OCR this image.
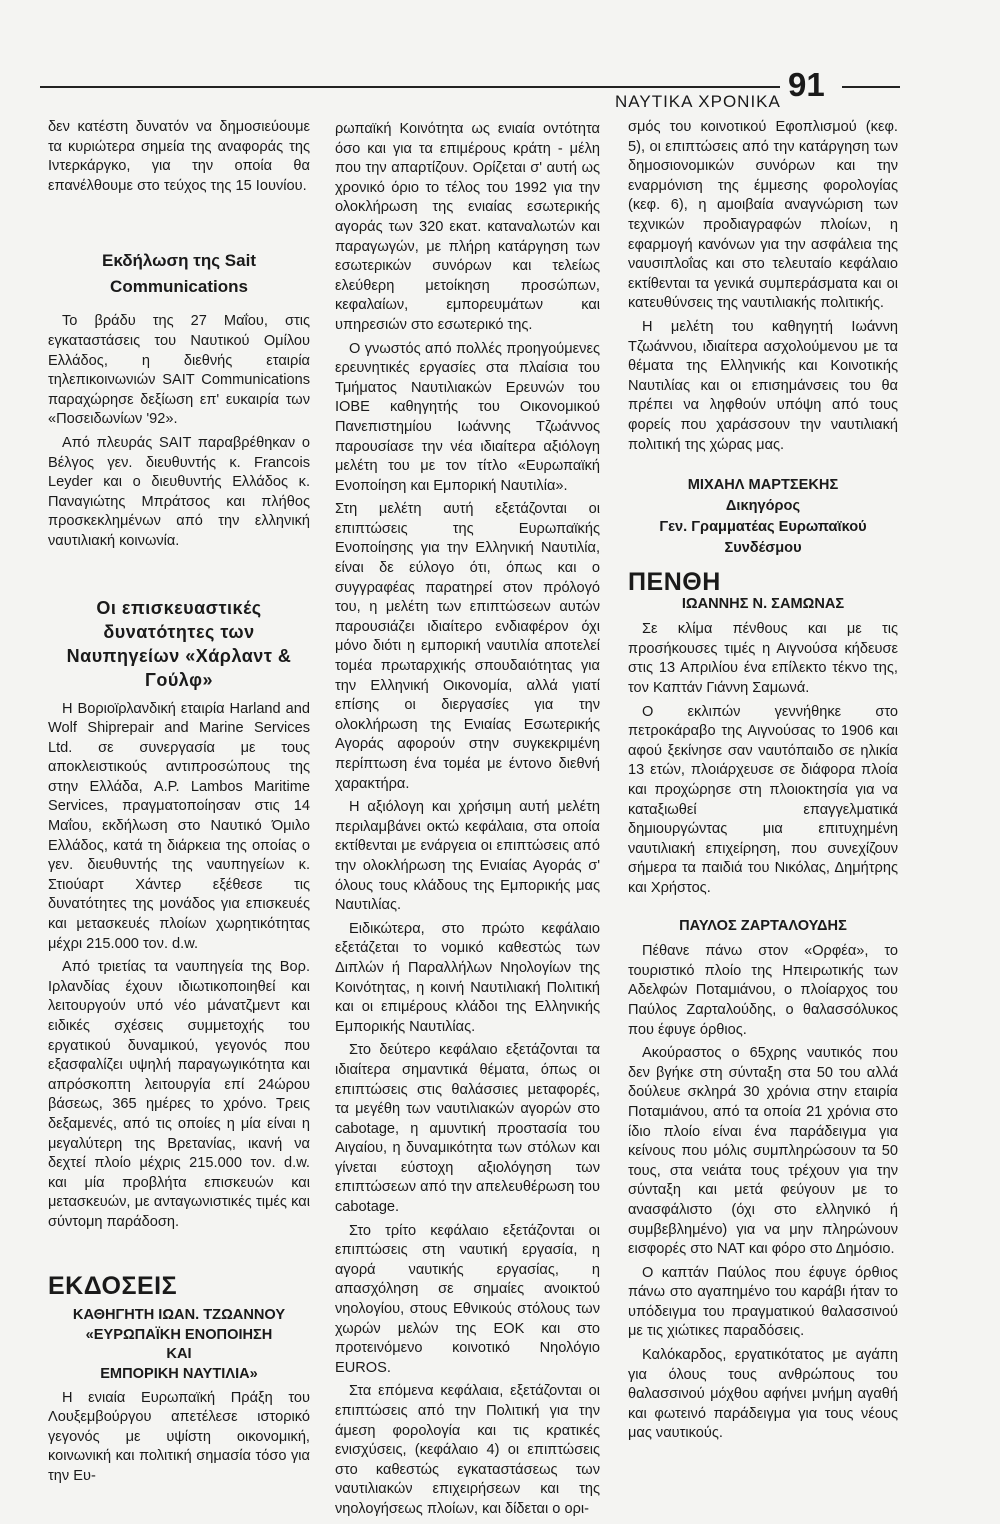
91
ΝΑΥΤΙΚΑ ΧΡΟΝΙΚΑ

δεν κατέστη δυνατόν να δημοσιεύουμε τα κυριώτερα σημεία της αναφοράς της Ιντερκάργκο, για την οποία θα επανέλθουμε στο τεύχος της 15 Ιουνίου.

Εκδήλωση της Sait Communications

Το βράδυ της 27 Μαΐου, στις εγκαταστάσεις του Ναυτικού Ομίλου Ελλάδος, η διεθνής εταιρία τηλεπικοινωνιών SAIT Communications παραχώρησε δεξίωση επ' ευκαιρία των «Ποσειδωνίων '92».

Από πλευράς SAIT παραβρέθηκαν ο Βέλγος γεν. διευθυντής κ. Francois Leyder και ο διευθυντής Ελλάδος κ. Παναγιώτης Μπράτσος και πλήθος προσκεκλημένων από την ελληνική ναυτιλιακή κοινωνία.

Οι επισκευαστικές δυνατότητες των Ναυπηγείων «Χάρλαντ & Γούλφ»

Η Βοριοϊρλανδική εταιρία Harland and Wolf Shiprepair and Marine Services Ltd. σε συνεργασία με τους αποκλειστικούς αντιπροσώπους της στην Ελλάδα, A.P. Lambos Maritime Services, πραγματοποίησαν στις 14 Μαΐου, εκδήλωση στο Ναυτικό Όμιλο Ελλάδος, κατά τη διάρκεια της οποίας ο γεν. διευθυντής της ναυπηγείων κ. Στιούαρτ Χάντερ εξέθεσε τις δυνατότητες της μονάδος για επισκευές και μετασκευές πλοίων χωρητικότητας μέχρι 215.000 τον. d.w.

Από τριετίας τα ναυπηγεία της Βορ. Ιρλανδίας έχουν ιδιωτικοποιηθεί και λειτουργούν υπό νέο μάνατζμεντ και ειδικές σχέσεις συμμετοχής του εργατικού δυναμικού, γεγονός που εξασφαλίζει υψηλή παραγωγικότητα και απρόσκοπτη λειτουργία επί 24ώρου βάσεως, 365 ημέρες το χρόνο. Τρεις δεξαμενές, από τις οποίες η μία είναι η μεγαλύτερη της Βρετανίας, ικανή να δεχτεί πλοίο μέχρις 215.000 τον. d.w. και μία προβλήτα επισκευών και μετασκευών, με ανταγωνιστικές τιμές και σύντομη παράδοση.

ΕΚΔΟΣΕΙΣ
ΚΑΘΗΓΗΤΗ ΙΩΑΝ. ΤΖΩΑΝΝΟΥ
«ΕΥΡΩΠΑΪΚΗ ΕΝΟΠΟΙΗΣΗ
ΚΑΙ
ΕΜΠΟΡΙΚΗ ΝΑΥΤΙΛΙΑ»

Η ενιαία Ευρωπαϊκή Πράξη του Λουξεμβούργου απετέλεσε ιστορικό γεγονός με υψίστη οικονομική, κοινωνική και πολιτική σημασία τόσο για την Ευ-

ρωπαϊκή Κοινότητα ως ενιαία οντότητα όσο και για τα επιμέρους κράτη - μέλη που την απαρτίζουν. Ορίζεται σ' αυτή ως χρονικό όριο το τέλος του 1992 για την ολοκλήρωση της ενιαίας εσωτερικής αγοράς των 320 εκατ. καταναλωτών και παραγωγών, με πλήρη κατάργηση των εσωτερικών συνόρων και τελείως ελεύθερη μετοίκηση προσώπων, κεφαλαίων, εμπορευμάτων και υπηρεσιών στο εσωτερικό της.

Ο γνωστός από πολλές προηγούμενες ερευνητικές εργασίες στα πλαίσια του Τμήματος Ναυτιλιακών Ερευνών του ΙΟΒΕ καθηγητής του Οικονομικού Πανεπιστημίου Ιωάννης Τζωάννος παρουσίασε την νέα ιδιαίτερα αξιόλογη μελέτη του με τον τίτλο «Ευρωπαϊκή Ενοποίηση και Εμπορική Ναυτιλία».

Στη μελέτη αυτή εξετάζονται οι επιπτώσεις της Ευρωπαϊκής Ενοποίησης για την Ελληνική Ναυτιλία, είναι δε εύλογο ότι, όπως και ο συγγραφέας παρατηρεί στον πρόλογό του, η μελέτη των επιπτώσεων αυτών παρουσιάζει ιδιαίτερο ενδιαφέρον όχι μόνο διότι η εμπορική ναυτιλία αποτελεί τομέα πρωταρχικής σπουδαιότητας για την Ελληνική Οικονομία, αλλά γιατί επίσης οι διεργασίες για την ολοκλήρωση της Ενιαίας Εσωτερικής Αγοράς αφορούν στην συγκεκριμένη περίπτωση ένα τομέα με έντονο διεθνή χαρακτήρα.

Η αξιόλογη και χρήσιμη αυτή μελέτη περιλαμβάνει οκτώ κεφάλαια, στα οποία εκτίθενται με ενάργεια οι επιπτώσεις από την ολοκλήρωση της Ενιαίας Αγοράς σ' όλους τους κλάδους της Εμπορικής μας Ναυτιλίας.

Ειδικώτερα, στο πρώτο κεφάλαιο εξετάζεται το νομικό καθεστώς των Διπλών ή Παραλλήλων Νηολογίων της Κοινότητας, η κοινή Ναυτιλιακή Πολιτική και οι επιμέρους κλάδοι της Ελληνικής Εμπορικής Ναυτιλίας.

Στο δεύτερο κεφάλαιο εξετάζονται τα ιδιαίτερα σημαντικά θέματα, όπως οι επιπτώσεις στις θαλάσσιες μεταφορές, τα μεγέθη των ναυτιλιακών αγορών στο cabotage, η αμυντική προστασία του Αιγαίου, η δυναμικότητα των στόλων και γίνεται εύστοχη αξιολόγηση των επιπτώσεων από την απελευθέρωση του cabotage.

Στο τρίτο κεφάλαιο εξετάζονται οι επιπτώσεις στη ναυτική εργασία, η αγορά ναυτικής εργασίας, η απασχόληση σε σημαίες ανοικτού νηολογίου, στους Εθνικούς στόλους των χωρών μελών της ΕΟΚ και στο προτεινόμενο κοινοτικό Νηολόγιο EUROS.

Στα επόμενα κεφάλαια, εξετάζονται οι επιπτώσεις από την Πολιτική για την άμεση φορολογία και τις κρατικές ενισχύσεις, (κεφάλαιο 4) οι επιπτώσεις στο καθεστώς εγκαταστάσεως των ναυτιλιακών επιχειρήσεων και της νηολογήσεως πλοίων, και δίδεται ο ορι-

σμός του κοινοτικού Εφοπλισμού (κεφ. 5), οι επιπτώσεις από την κατάργηση των δημοσιονομικών συνόρων και την εναρμόνιση της έμμεσης φορολογίας (κεφ. 6), η αμοιβαία αναγνώριση των τεχνικών προδιαγραφών πλοίων, η εφαρμογή κανόνων για την ασφάλεια της ναυσιπλοΐας και στο τελευταίο κεφάλαιο εκτίθενται τα γενικά συμπεράσματα και οι κατευθύνσεις της ναυτιλιακής πολιτικής.

Η μελέτη του καθηγητή Ιωάννη Τζωάννου, ιδιαίτερα ασχολούμενου με τα θέματα της Ελληνικής και Κοινοτικής Ναυτιλίας και οι επισημάνσεις του θα πρέπει να ληφθούν υπόψη από τους φορείς που χαράσσουν την ναυτιλιακή πολιτική της χώρας μας.

ΜΙΧΑΗΛ ΜΑΡΤΣΕΚΗΣ
Δικηγόρος
Γεν. Γραμματέας Ευρωπαϊκού
Συνδέσμου
ΠΕΝΘΗ
ΙΩΑΝΝΗΣ Ν. ΣΑΜΩΝΑΣ

Σε κλίμα πένθους και με τις προσήκουσες τιμές η Αιγνούσα κήδευσε στις 13 Απριλίου ένα επίλεκτο τέκνο της, τον Καπτάν Γιάννη Σαμωνά.

Ο εκλιπών γεννήθηκε στο πετροκάραβο της Αιγνούσας το 1906 και αφού ξεκίνησε σαν ναυτόπαιδο σε ηλικία 13 ετών, πλοιάρχευσε σε διάφορα πλοία και προχώρησε στη πλοιοκτησία για να καταξιωθεί επαγγελματικά δημιουργώντας μια επιτυχημένη ναυτιλιακή επιχείρηση, που συνεχίζουν σήμερα τα παιδιά του Νικόλας, Δημήτρης και Χρήστος.

ΠΑΥΛΟΣ ΖΑΡΤΑΛΟΥΔΗΣ

Πέθανε πάνω στον «Ορφέα», το τουριστικό πλοίο της Ηπειρωτικής των Αδελφών Ποταμιάνου, ο πλοίαρχος του Παύλος Ζαρταλούδης, ο θαλασσόλυκος που έφυγε όρθιος.

Ακούραστος ο 65χρης ναυτικός που δεν βγήκε στη σύνταξη στα 50 του αλλά δούλευε σκληρά 30 χρόνια στην εταιρία Ποταμιάνου, από τα οποία 21 χρόνια στο ίδιο πλοίο είναι ένα παράδειγμα για κείνους που μόλις συμπληρώσουν τα 50 τους, στα νειάτα τους τρέχουν για την σύνταξη και μετά φεύγουν με το ανασφάλιστο (όχι στο ελληνικό ή συμβεβλημένο) για να μην πληρώνουν εισφορές στο ΝΑΤ και φόρο στο Δημόσιο.

Ο καπτάν Παύλος που έφυγε όρθιος πάνω στο αγαπημένο του καράβι ήταν το υπόδειγμα του πραγματικού θαλασσινού με τις χιώτικες παραδόσεις.

Καλόκαρδος, εργατικότατος με αγάπη για όλους τους ανθρώπους του θαλασσινού μόχθου αφήνει μνήμη αγαθή και φωτεινό παράδειγμα για τους νέους μας ναυτικούς.
